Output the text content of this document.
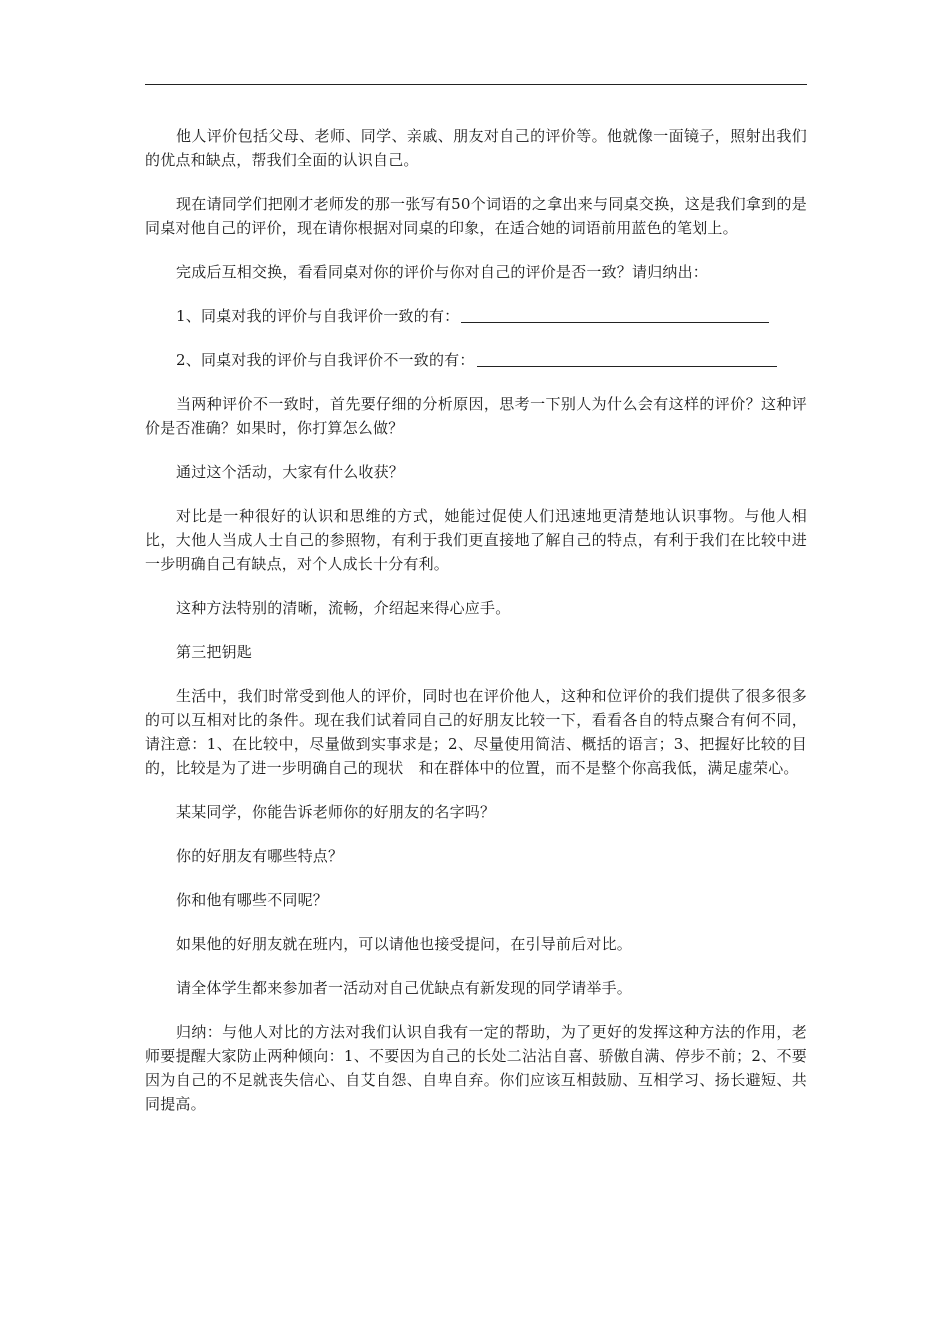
他人评价包括父母、老师、同学、亲戚、朋友对自己的评价等。他就像一面镜子，照射出我们的优点和缺点，帮我们全面的认识自己。

现在请同学们把刚才老师发的那一张写有50个词语的之拿出来与同桌交换，这是我们拿到的是同桌对他自己的评价，现在请你根据对同桌的印象，在适合她的词语前用蓝色的笔划上。

完成后互相交换，看看同桌对你的评价与你对自己的评价是否一致？请归纳出：

1、同桌对我的评价与自我评价一致的有：

2、同桌对我的评价与自我评价不一致的有：

当两种评价不一致时，首先要仔细的分析原因，思考一下别人为什么会有这样的评价？这种评价是否准确？如果时，你打算怎么做？

通过这个活动，大家有什么收获？

对比是一种很好的认识和思维的方式，她能过促使人们迅速地更清楚地认识事物。与他人相比，大他人当成人士自己的参照物，有利于我们更直接地了解自己的特点，有利于我们在比较中进一步明确自己有缺点，对个人成长十分有利。

这种方法特别的清晰，流畅，介绍起来得心应手。

第三把钥匙

生活中，我们时常受到他人的评价，同时也在评价他人，这种和位评价的我们提供了很多很多的可以互相对比的条件。现在我们试着同自己的好朋友比较一下，看看各自的特点聚合有何不同，请注意：1、在比较中，尽量做到实事求是；2、尽量使用简洁、概括的语言；3、把握好比较的目的，比较是为了进一步明确自己的现状　和在群体中的位置，而不是整个你高我低，满足虚荣心。

某某同学，你能告诉老师你的好朋友的名字吗？

你的好朋友有哪些特点？

你和他有哪些不同呢？

如果他的好朋友就在班内，可以请他也接受提问，在引导前后对比。

请全体学生都来参加者一活动对自己优缺点有新发现的同学请举手。

归纳：与他人对比的方法对我们认识自我有一定的帮助，为了更好的发挥这种方法的作用，老师要提醒大家防止两种倾向：1、不要因为自己的长处二沾沾自喜、骄傲自满、停步不前；2、不要因为自己的不足就丧失信心、自艾自怨、自卑自弃。你们应该互相鼓励、互相学习、扬长避短、共同提高。
